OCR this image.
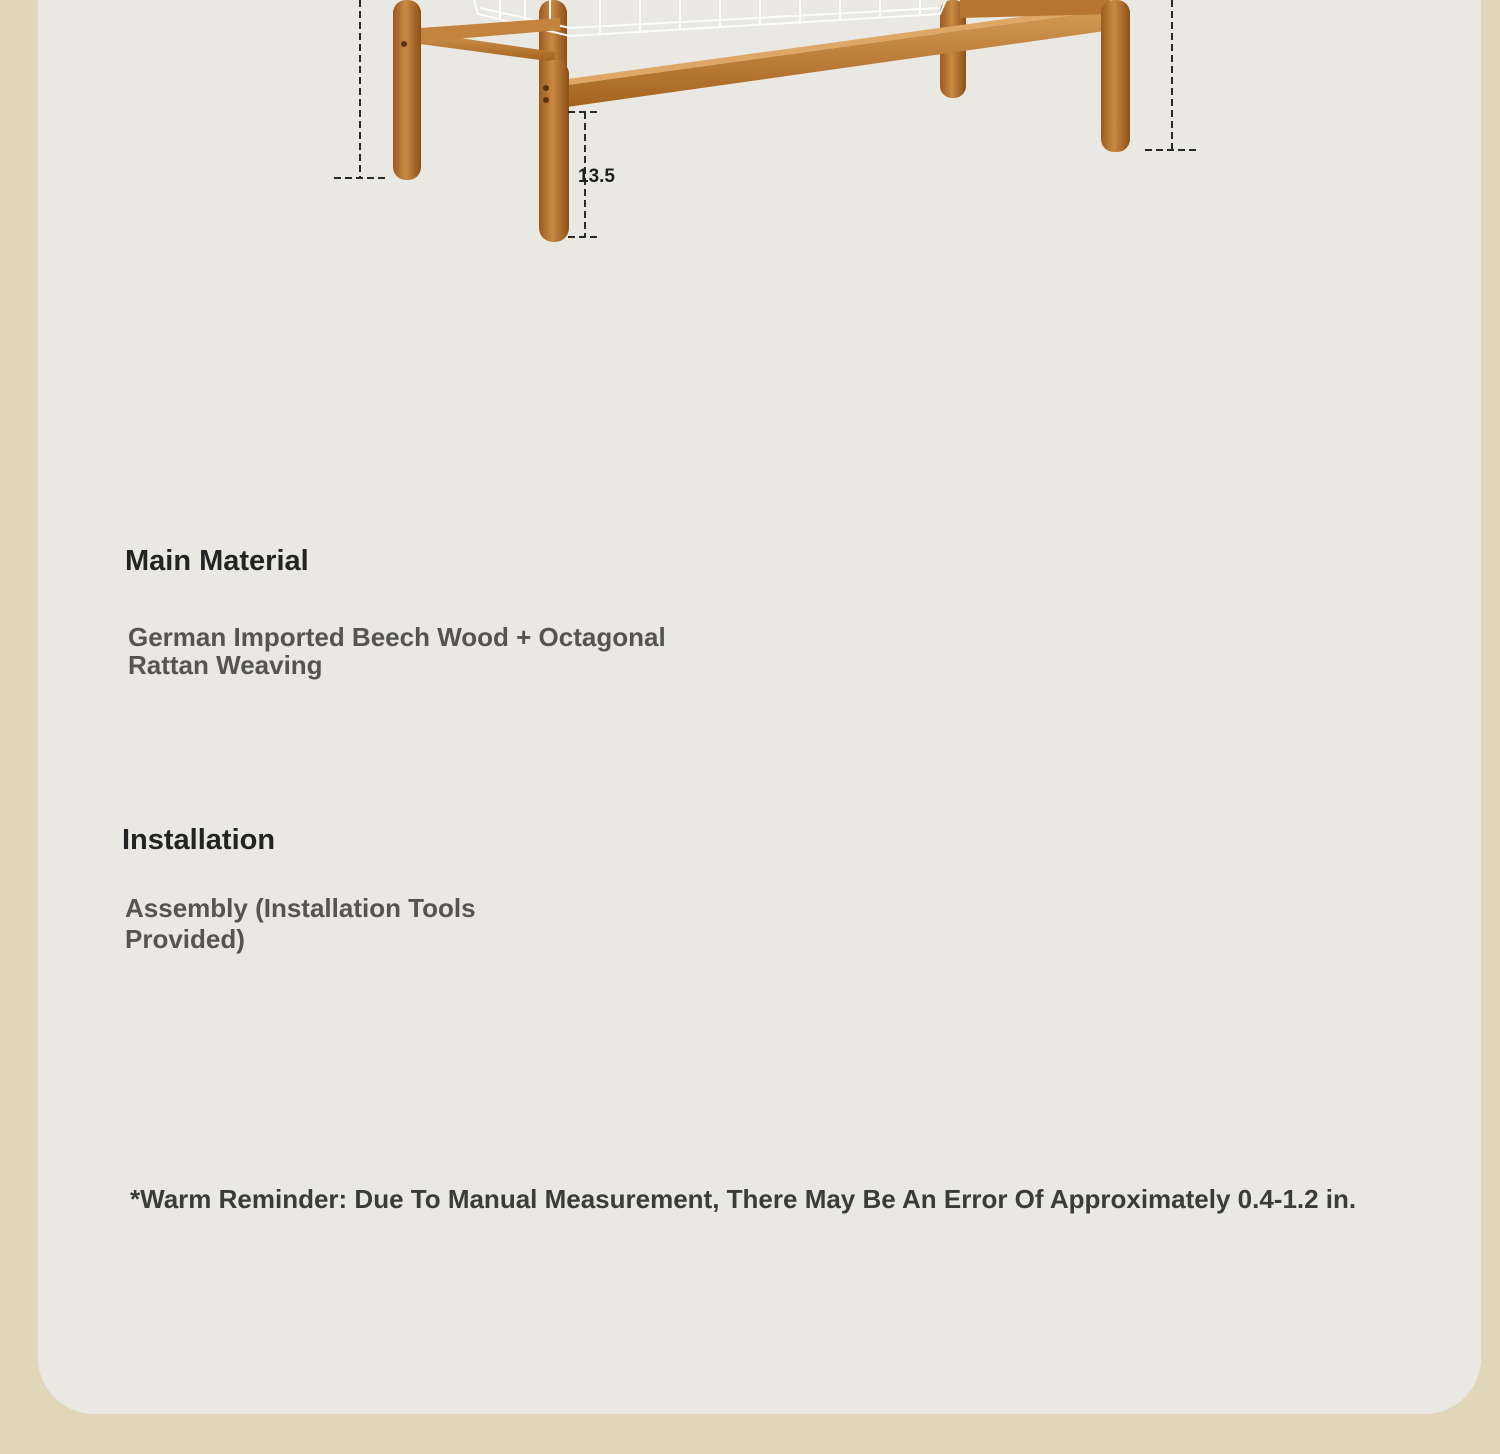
13.5
Main Material

German Imported Beech Wood + Octagonal Rattan Weaving

Installation

Assembly (Installation Tools Provided)

*Warm Reminder: Due To Manual Measurement, There May Be An Error Of Approximately 0.4-1.2 in.
